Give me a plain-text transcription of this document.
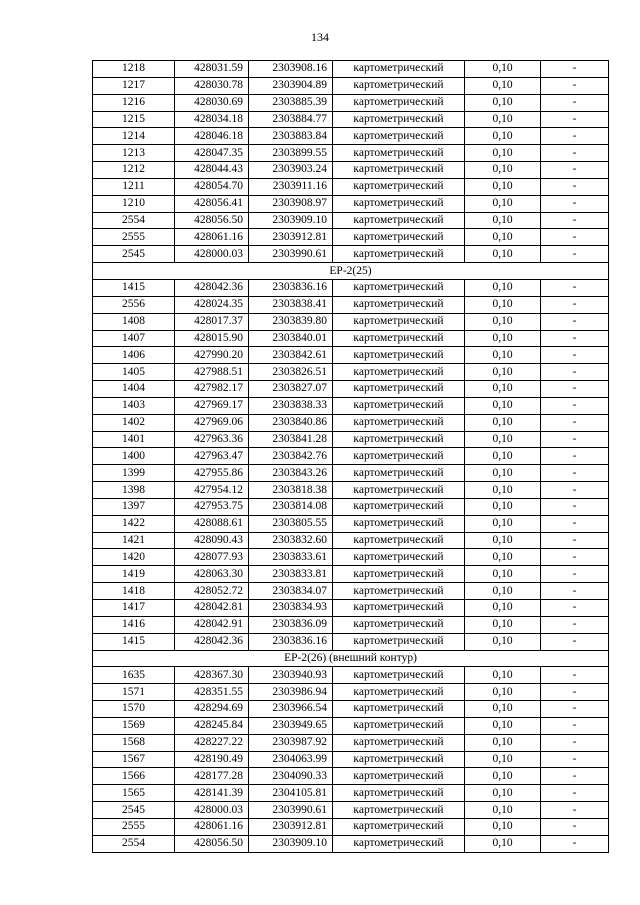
134
1218	428031.59	2303908.16	картометрический	0,10	-
1217	428030.78	2303904.89	картометрический	0,10	-
1216	428030.69	2303885.39	картометрический	0,10	-
1215	428034.18	2303884.77	картометрический	0,10	-
1214	428046.18	2303883.84	картометрический	0,10	-
1213	428047.35	2303899.55	картометрический	0,10	-
1212	428044.43	2303903.24	картометрический	0,10	-
1211	428054.70	2303911.16	картометрический	0,10	-
1210	428056.41	2303908.97	картометрический	0,10	-
2554	428056.50	2303909.10	картометрический	0,10	-
2555	428061.16	2303912.81	картометрический	0,10	-
2545	428000.03	2303990.61	картометрический	0,10	-
ЕР-2(25)					
1415	428042.36	2303836.16	картометрический	0,10	-
2556	428024.35	2303838.41	картометрический	0,10	-
1408	428017.37	2303839.80	картометрический	0,10	-
1407	428015.90	2303840.01	картометрический	0,10	-
1406	427990.20	2303842.61	картометрический	0,10	-
1405	427988.51	2303826.51	картометрический	0,10	-
1404	427982.17	2303827.07	картометрический	0,10	-
1403	427969.17	2303838.33	картометрический	0,10	-
1402	427969.06	2303840.86	картометрический	0,10	-
1401	427963.36	2303841.28	картометрический	0,10	-
1400	427963.47	2303842.76	картометрический	0,10	-
1399	427955.86	2303843.26	картометрический	0,10	-
1398	427954.12	2303818.38	картометрический	0,10	-
1397	427953.75	2303814.08	картометрический	0,10	-
1422	428088.61	2303805.55	картометрический	0,10	-
1421	428090.43	2303832.60	картометрический	0,10	-
1420	428077.93	2303833.61	картометрический	0,10	-
1419	428063.30	2303833.81	картометрический	0,10	-
1418	428052.72	2303834.07	картометрический	0,10	-
1417	428042.81	2303834.93	картометрический	0,10	-
1416	428042.91	2303836.09	картометрический	0,10	-
1415	428042.36	2303836.16	картометрический	0,10	-
ЕР-2(26) (внешний контур)					
1635	428367.30	2303940.93	картометрический	0,10	-
1571	428351.55	2303986.94	картометрический	0,10	-
1570	428294.69	2303966.54	картометрический	0,10	-
1569	428245.84	2303949.65	картометрический	0,10	-
1568	428227.22	2303987.92	картометрический	0,10	-
1567	428190.49	2304063.99	картометрический	0,10	-
1566	428177.28	2304090.33	картометрический	0,10	-
1565	428141.39	2304105.81	картометрический	0,10	-
2545	428000.03	2303990.61	картометрический	0,10	-
2555	428061.16	2303912.81	картометрический	0,10	-
2554	428056.50	2303909.10	картометрический	0,10	-
